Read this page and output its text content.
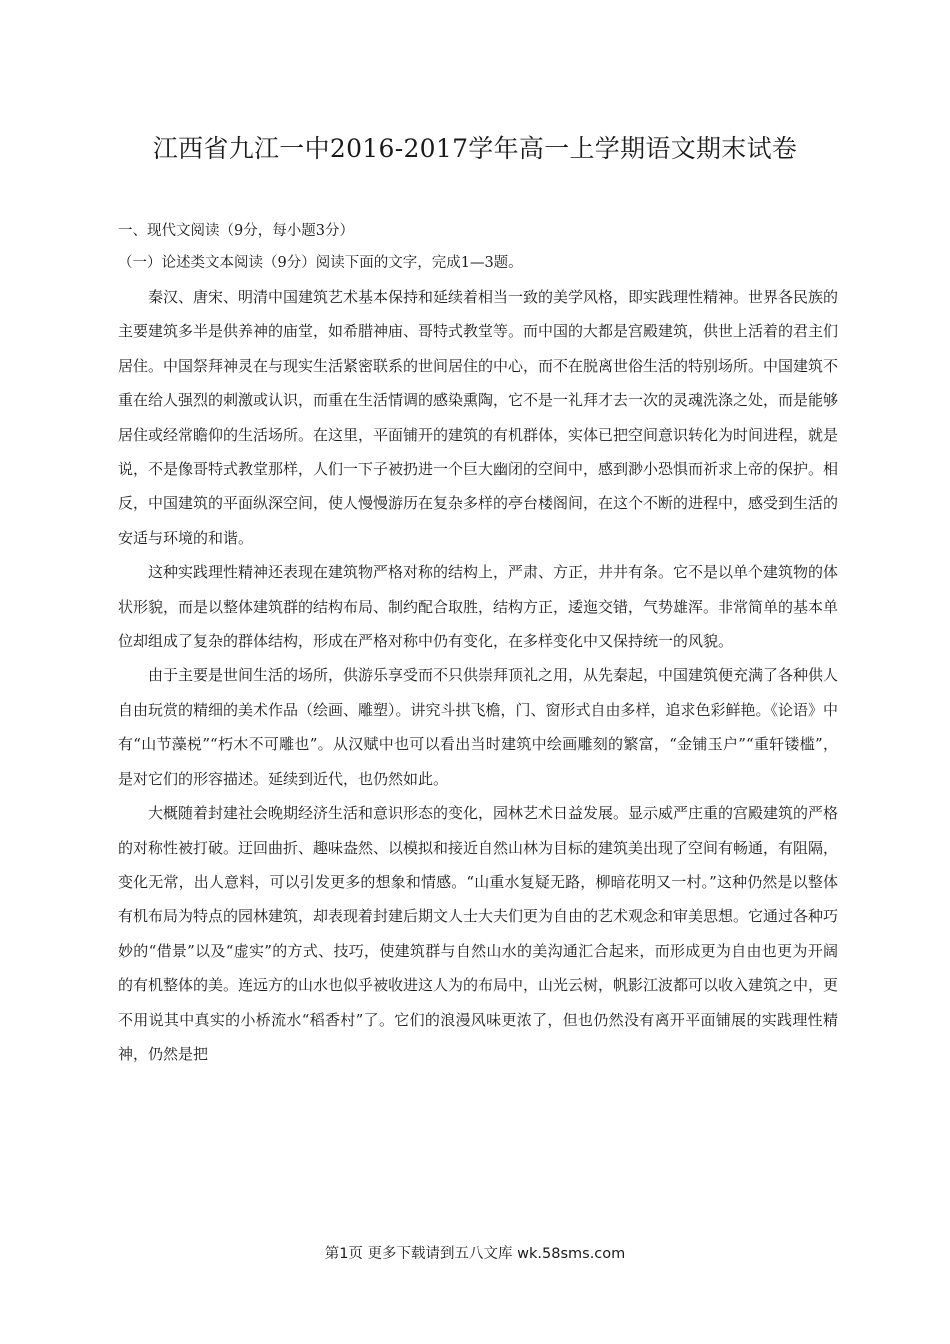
江西省九江一中2016-2017学年高一上学期语文期末试卷
一、现代文阅读（9分，每小题3分）
（一）论述类文本阅读（9分）阅读下面的文字，完成1—3题。

秦汉、唐宋、明清中国建筑艺术基本保持和延续着相当一致的美学风格，即实践理性精神。世界各民族的主要建筑多半是供养神的庙堂，如希腊神庙、哥特式教堂等。而中国的大都是宫殿建筑，供世上活着的君主们居住。中国祭拜神灵在与现实生活紧密联系的世间居住的中心，而不在脱离世俗生活的特别场所。中国建筑不重在给人强烈的刺激或认识，而重在生活情调的感染熏陶，它不是一礼拜才去一次的灵魂洗涤之处，而是能够居住或经常瞻仰的生活场所。在这里，平面铺开的建筑的有机群体，实体已把空间意识转化为时间进程，就是说，不是像哥特式教堂那样，人们一下子被扔进一个巨大幽闭的空间中，感到渺小恐惧而祈求上帝的保护。相反，中国建筑的平面纵深空间，使人慢慢游历在复杂多样的亭台楼阁间，在这个不断的进程中，感受到生活的安适与环境的和谐。

这种实践理性精神还表现在建筑物严格对称的结构上，严肃、方正，井井有条。它不是以单个建筑物的体状形貌，而是以整体建筑群的结构布局、制约配合取胜，结构方正，逶迤交错，气势雄浑。非常简单的基本单位却组成了复杂的群体结构，形成在严格对称中仍有变化，在多样变化中又保持统一的风貌。

由于主要是世间生活的场所，供游乐享受而不只供崇拜顶礼之用，从先秦起，中国建筑便充满了各种供人自由玩赏的精细的美术作品（绘画、雕塑）。讲究斗拱飞檐，门、窗形式自由多样，追求色彩鲜艳。《论语》中有“山节藻棁”“朽木不可雕也”。从汉赋中也可以看出当时建筑中绘画雕刻的繁富，“金铺玉户”“重轩镂槛”，是对它们的形容描述。延续到近代，也仍然如此。

大概随着封建社会晚期经济生活和意识形态的变化，园林艺术日益发展。显示威严庄重的宫殿建筑的严格的对称性被打破。迂回曲折、趣味盎然、以模拟和接近自然山林为目标的建筑美出现了空间有畅通，有阻隔，变化无常，出人意料，可以引发更多的想象和情感。“山重水复疑无路，柳暗花明又一村。”这种仍然是以整体有机布局为特点的园林建筑，却表现着封建后期文人士大夫们更为自由的艺术观念和审美思想。它通过各种巧妙的“借景”以及“虚实”的方式、技巧，使建筑群与自然山水的美沟通汇合起来，而形成更为自由也更为开阔的有机整体的美。连远方的山水也似乎被收进这人为的布局中，山光云树，帆影江波都可以收入建筑之中，更不用说其中真实的小桥流水“稻香村”了。它们的浪漫风味更浓了，但也仍然没有离开平面铺展的实践理性精神，仍然是把

第1页 更多下载请到五八文库 wk.58sms.com
